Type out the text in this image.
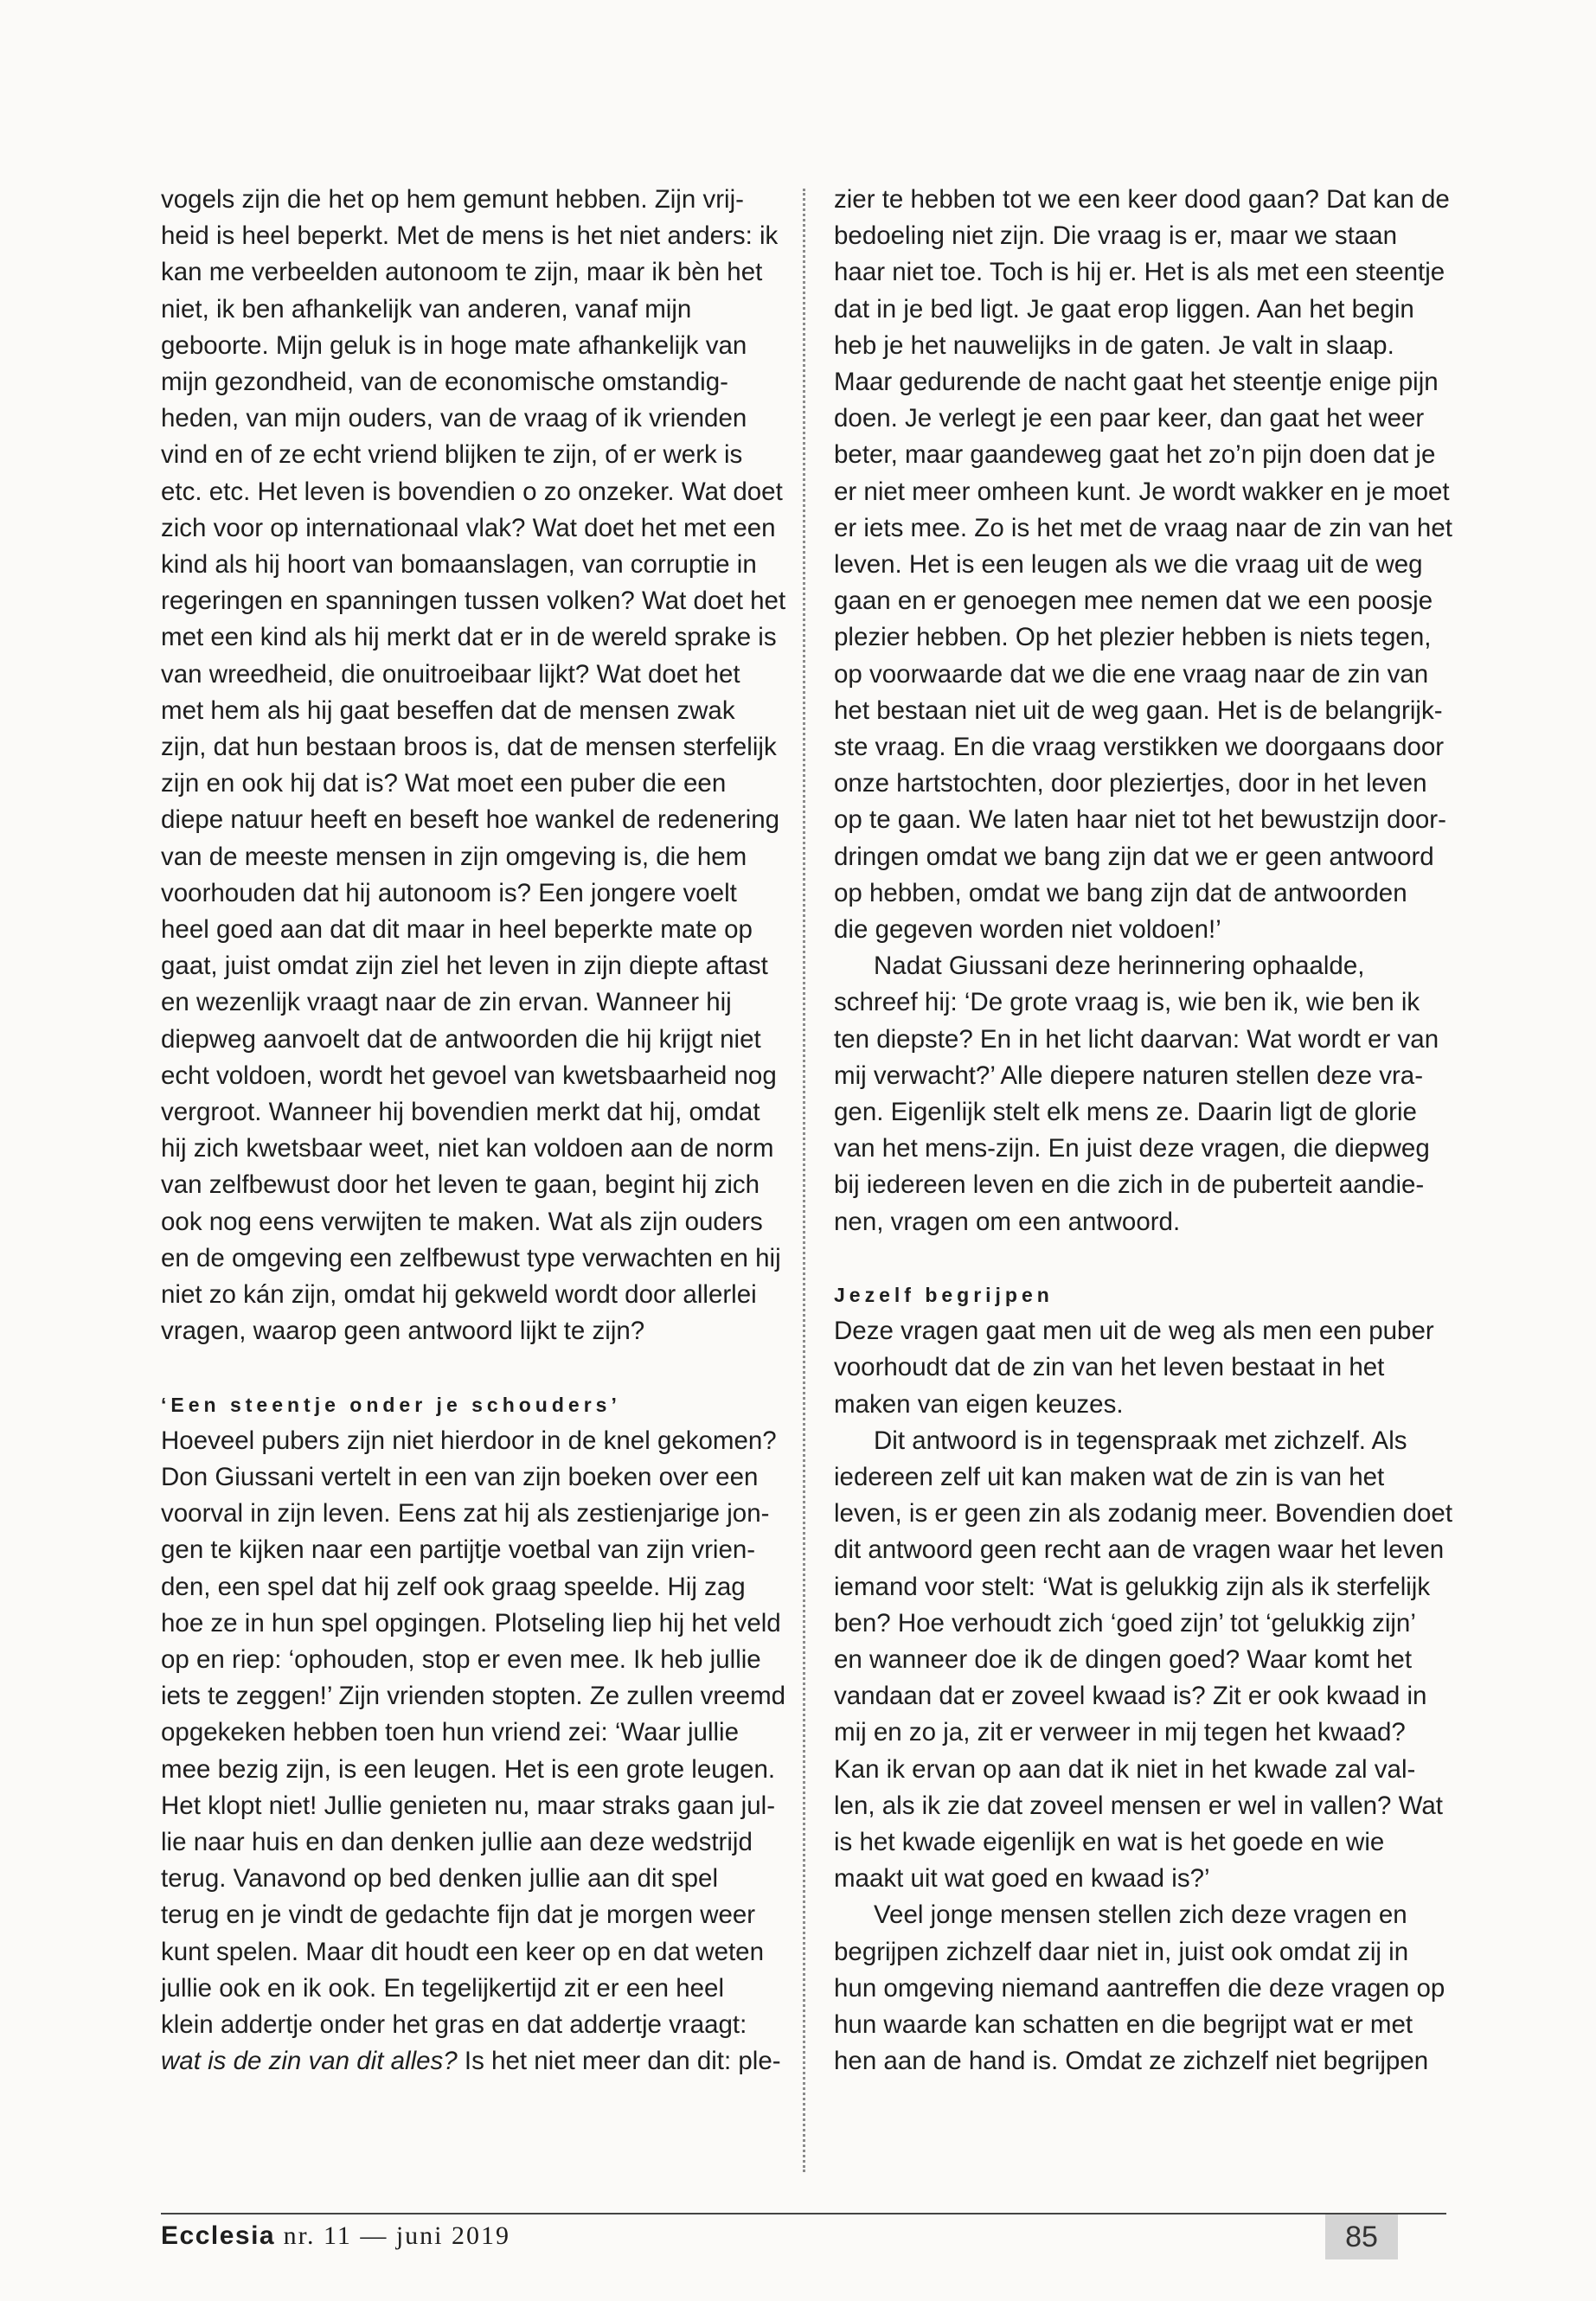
vogels zijn die het op hem gemunt hebben. Zijn vrij-
heid is heel beperkt. Met de mens is het niet anders: ik
kan me verbeelden autonoom te zijn, maar ik bèn het
niet, ik ben afhankelijk van anderen, vanaf mijn
geboorte. Mijn geluk is in hoge mate afhankelijk van
mijn gezondheid, van de economische omstandig-
heden, van mijn ouders, van de vraag of ik vrienden
vind en of ze echt vriend blijken te zijn, of er werk is
etc. etc. Het leven is bovendien o zo onzeker. Wat doet
zich voor op internationaal vlak? Wat doet het met een
kind als hij hoort van bomaanslagen, van corruptie in
regeringen en spanningen tussen volken? Wat doet het
met een kind als hij merkt dat er in de wereld sprake is
van wreedheid, die onuitroeibaar lijkt? Wat doet het
met hem als hij gaat beseffen dat de mensen zwak
zijn, dat hun bestaan broos is, dat de mensen sterfelijk
zijn en ook hij dat is? Wat moet een puber die een
diepe natuur heeft en beseft hoe wankel de redenering
van de meeste mensen in zijn omgeving is, die hem
voorhouden dat hij autonoom is? Een jongere voelt
heel goed aan dat dit maar in heel beperkte mate op
gaat, juist omdat zijn ziel het leven in zijn diepte aftast
en wezenlijk vraagt naar de zin ervan. Wanneer hij
diepweg aanvoelt dat de antwoorden die hij krijgt niet
echt voldoen, wordt het gevoel van kwetsbaarheid nog
vergroot. Wanneer hij bovendien merkt dat hij, omdat
hij zich kwetsbaar weet, niet kan voldoen aan de norm
van zelfbewust door het leven te gaan, begint hij zich
ook nog eens verwijten te maken. Wat als zijn ouders
en de omgeving een zelfbewust type verwachten en hij
niet zo kán zijn, omdat hij gekweld wordt door allerlei
vragen, waarop geen antwoord lijkt te zijn?
‘Een steentje onder je schouders’
Hoeveel pubers zijn niet hierdoor in de knel gekomen?
Don Giussani vertelt in een van zijn boeken over een
voorval in zijn leven. Eens zat hij als zestienjarige jon-
gen te kijken naar een partijtje voetbal van zijn vrien-
den, een spel dat hij zelf ook graag speelde. Hij zag
hoe ze in hun spel opgingen. Plotseling liep hij het veld
op en riep: ‘ophouden, stop er even mee. Ik heb jullie
iets te zeggen!’ Zijn vrienden stopten. Ze zullen vreemd
opgekeken hebben toen hun vriend zei: ‘Waar jullie
mee bezig zijn, is een leugen. Het is een grote leugen.
Het klopt niet! Jullie genieten nu, maar straks gaan jul-
lie naar huis en dan denken jullie aan deze wedstrijd
terug. Vanavond op bed denken jullie aan dit spel
terug en je vindt de gedachte fijn dat je morgen weer
kunt spelen. Maar dit houdt een keer op en dat weten
jullie ook en ik ook. En tegelijkertijd zit er een heel
klein addertje onder het gras en dat addertje vraagt:
wat is de zin van dit alles? Is het niet meer dan dit: ple-
zier te hebben tot we een keer dood gaan? Dat kan de
bedoeling niet zijn. Die vraag is er, maar we staan
haar niet toe. Toch is hij er. Het is als met een steentje
dat in je bed ligt. Je gaat erop liggen. Aan het begin
heb je het nauwelijks in de gaten. Je valt in slaap.
Maar gedurende de nacht gaat het steentje enige pijn
doen. Je verlegt je een paar keer, dan gaat het weer
beter, maar gaandeweg gaat het zo’n pijn doen dat je
er niet meer omheen kunt. Je wordt wakker en je moet
er iets mee. Zo is het met de vraag naar de zin van het
leven. Het is een leugen als we die vraag uit de weg
gaan en er genoegen mee nemen dat we een poosje
plezier hebben. Op het plezier hebben is niets tegen,
op voorwaarde dat we die ene vraag naar de zin van
het bestaan niet uit de weg gaan. Het is de belangrijk-
ste vraag. En die vraag verstikken we doorgaans door
onze hartstochten, door pleziertjes, door in het leven
op te gaan. We laten haar niet tot het bewustzijn door-
dringen omdat we bang zijn dat we er geen antwoord
op hebben, omdat we bang zijn dat de antwoorden
die gegeven worden niet voldoen!’
Nadat Giussani deze herinnering ophaalde,
schreef hij: ‘De grote vraag is, wie ben ik, wie ben ik
ten diepste? En in het licht daarvan: Wat wordt er van
mij verwacht?’ Alle diepere naturen stellen deze vra-
gen. Eigenlijk stelt elk mens ze. Daarin ligt de glorie
van het mens-zijn. En juist deze vragen, die diepweg
bij iedereen leven en die zich in de puberteit aandie-
nen, vragen om een antwoord.
Jezelf begrijpen
Deze vragen gaat men uit de weg als men een puber
voorhoudt dat de zin van het leven bestaat in het
maken van eigen keuzes.
Dit antwoord is in tegenspraak met zichzelf. Als
iedereen zelf uit kan maken wat de zin is van het
leven, is er geen zin als zodanig meer. Bovendien doet
dit antwoord geen recht aan de vragen waar het leven
iemand voor stelt: ‘Wat is gelukkig zijn als ik sterfelijk
ben? Hoe verhoudt zich ‘goed zijn’ tot ‘gelukkig zijn’
en wanneer doe ik de dingen goed? Waar komt het
vandaan dat er zoveel kwaad is? Zit er ook kwaad in
mij en zo ja, zit er verweer in mij tegen het kwaad?
Kan ik ervan op aan dat ik niet in het kwade zal val-
len, als ik zie dat zoveel mensen er wel in vallen? Wat
is het kwade eigenlijk en wat is het goede en wie
maakt uit wat goed en kwaad is?’
Veel jonge mensen stellen zich deze vragen en
begrijpen zichzelf daar niet in, juist ook omdat zij in
hun omgeving niemand aantreffen die deze vragen op
hun waarde kan schatten en die begrijpt wat er met
hen aan de hand is. Omdat ze zichzelf niet begrijpen
Ecclesia nr. 11 — juni 2019	85
